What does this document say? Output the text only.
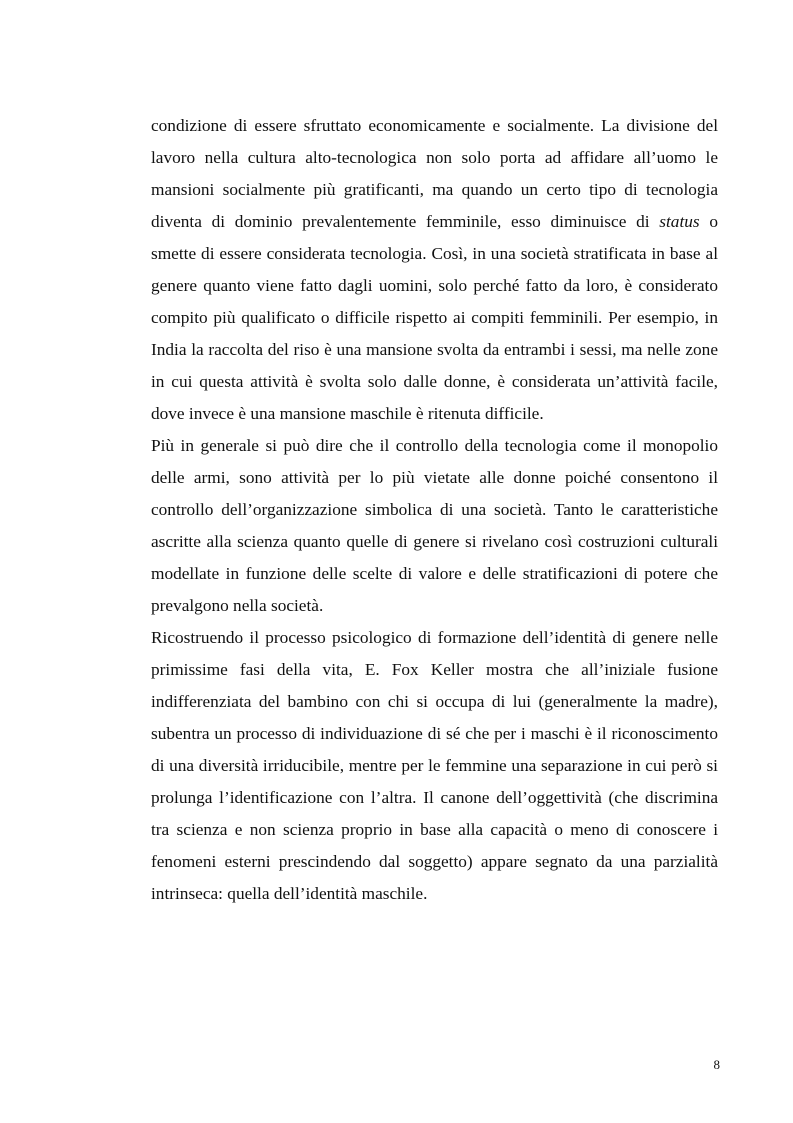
condizione di essere sfruttato economicamente e socialmente. La divisione del lavoro nella cultura alto-tecnologica non solo porta ad affidare all’uomo le mansioni socialmente più gratificanti, ma quando un certo tipo di tecnologia diventa di dominio prevalentemente femminile, esso diminuisce di status o smette di essere considerata tecnologia. Così, in una società stratificata in base al genere quanto viene fatto dagli uomini, solo perché fatto da loro, è considerato compito più qualificato o difficile rispetto ai compiti femminili. Per esempio, in India la raccolta del riso è una mansione svolta da entrambi i sessi, ma nelle zone in cui questa attività è svolta solo dalle donne, è considerata un’attività facile, dove invece è una mansione maschile è ritenuta difficile.

Più in generale si può dire che il controllo della tecnologia come il monopolio delle armi, sono attività per lo più vietate alle donne poiché consentono il controllo dell’organizzazione simbolica di una società. Tanto le caratteristiche ascritte alla scienza quanto quelle di genere si rivelano così costruzioni culturali modellate in funzione delle scelte di valore e delle stratificazioni di potere che prevalgono nella società.

Ricostruendo il processo psicologico di formazione dell’identità di genere nelle primissime fasi della vita, E. Fox Keller mostra che all’iniziale fusione indifferenziata del bambino con chi si occupa di lui (generalmente la madre), subentra un processo di individuazione di sé che per i maschi è il riconoscimento di una diversità irriducibile, mentre per le femmine una separazione in cui però si prolunga l’identificazione con l’altra. Il canone dell’oggettività (che discrimina tra scienza e non scienza proprio in base alla capacità o meno di conoscere i fenomeni esterni prescindendo dal soggetto) appare segnato da una parzialità intrinseca: quella dell’identità maschile.

8
